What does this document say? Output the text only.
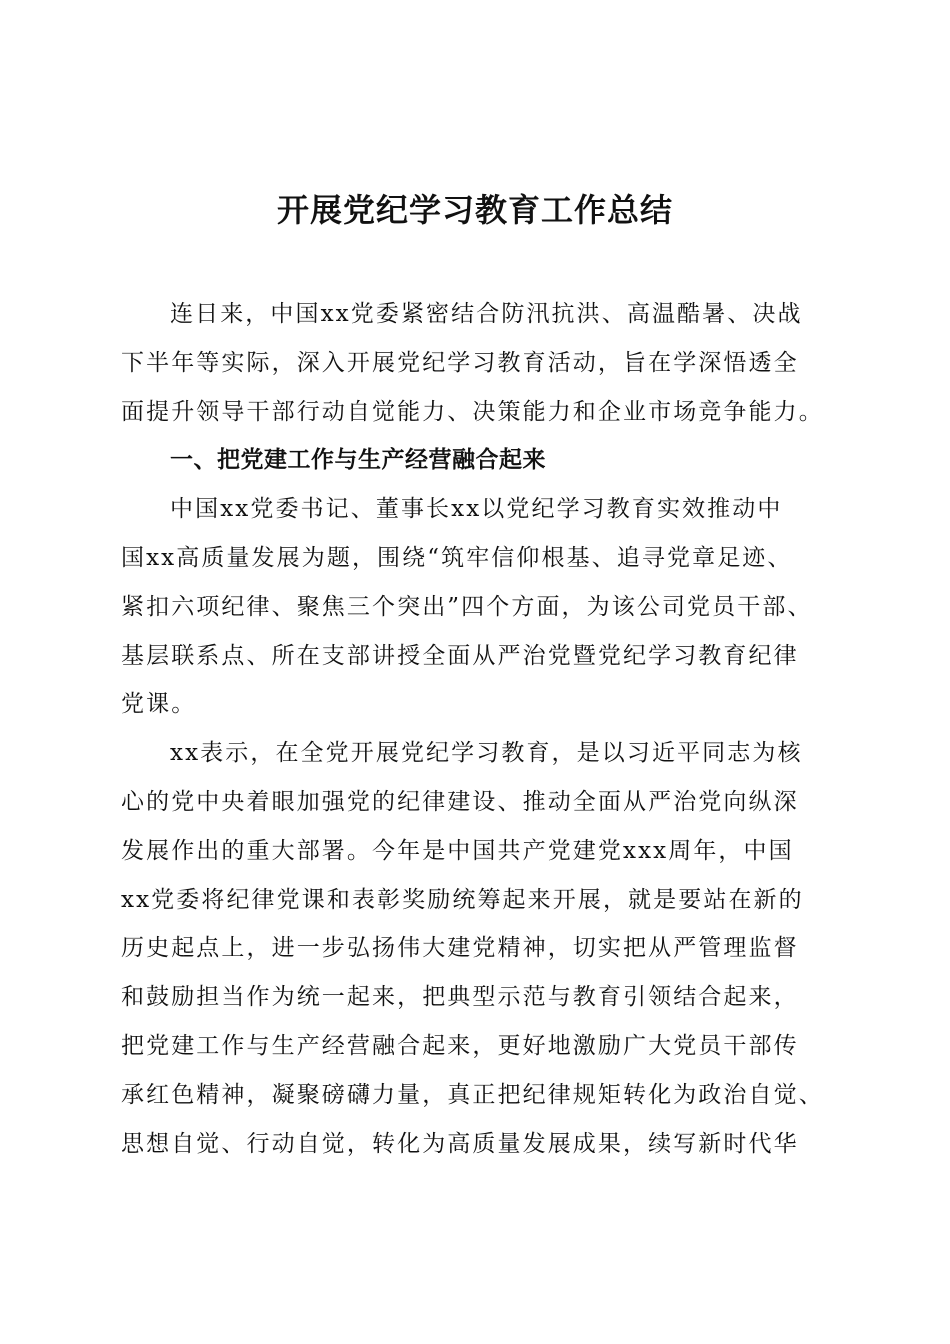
开展党纪学习教育工作总结
连日来，中国xx党委紧密结合防汛抗洪、高温酷暑、决战
下半年等实际，深入开展党纪学习教育活动，旨在学深悟透全
面提升领导干部行动自觉能力、决策能力和企业市场竞争能力。
一、把党建工作与生产经营融合起来
中国xx党委书记、董事长xx以党纪学习教育实效推动中
国xx高质量发展为题，围绕“筑牢信仰根基、追寻党章足迹、
紧扣六项纪律、聚焦三个突出”四个方面，为该公司党员干部、
基层联系点、所在支部讲授全面从严治党暨党纪学习教育纪律
党课。
xx表示，在全党开展党纪学习教育，是以习近平同志为核
心的党中央着眼加强党的纪律建设、推动全面从严治党向纵深
发展作出的重大部署。今年是中国共产党建党xxx周年，中国
xx党委将纪律党课和表彰奖励统筹起来开展，就是要站在新的
历史起点上，进一步弘扬伟大建党精神，切实把从严管理监督
和鼓励担当作为统一起来，把典型示范与教育引领结合起来，
把党建工作与生产经营融合起来，更好地激励广大党员干部传
承红色精神，凝聚磅礴力量，真正把纪律规矩转化为政治自觉、
思想自觉、行动自觉，转化为高质量发展成果，续写新时代华
